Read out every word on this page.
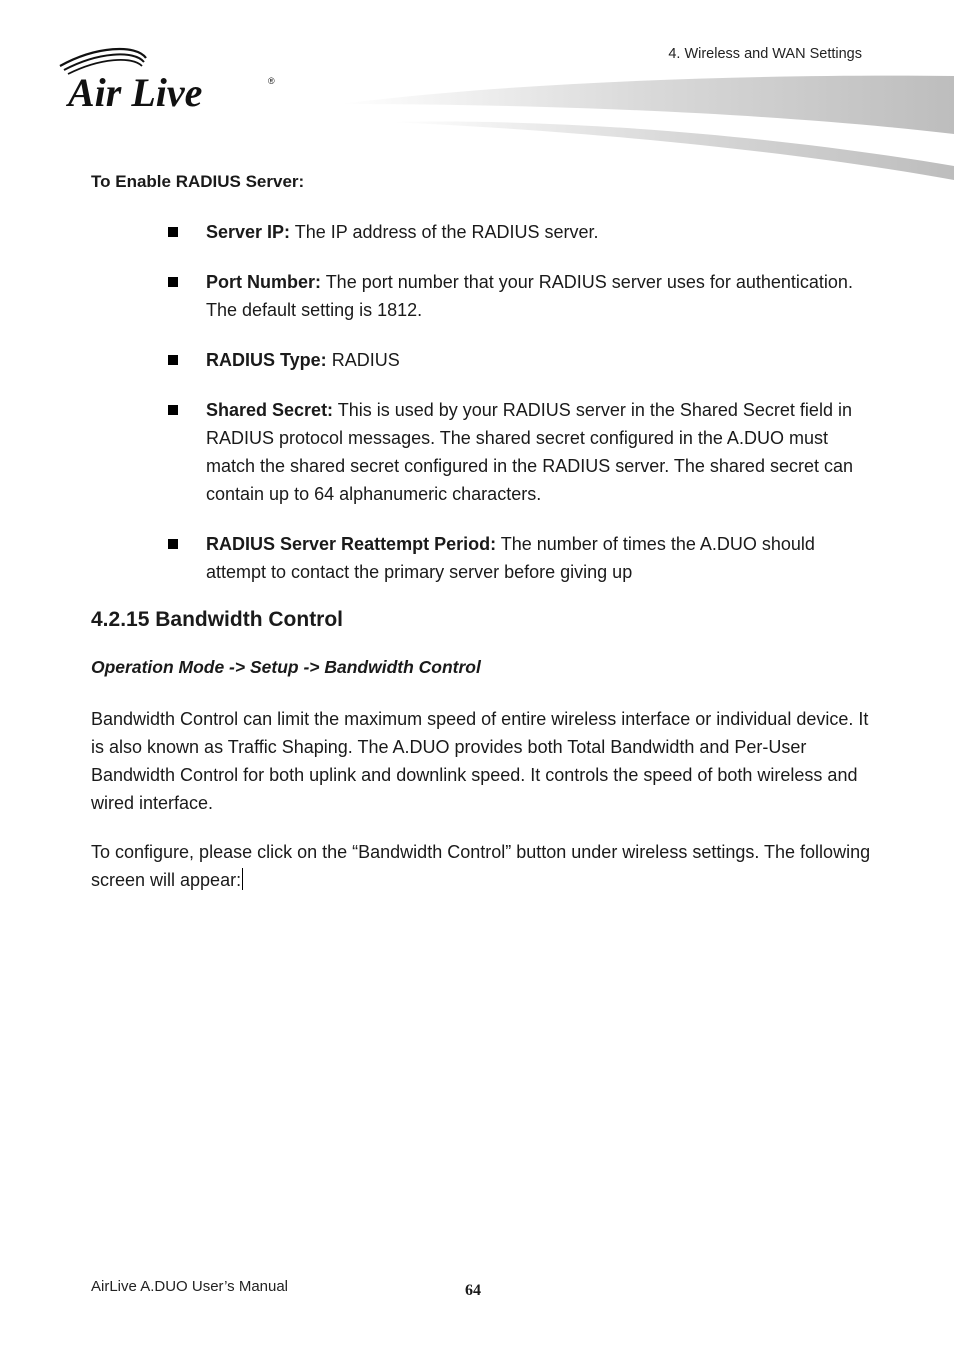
Air Live	®
4. Wireless and WAN Settings
To Enable RADIUS Server:
Server IP: The IP address of the RADIUS server.
Port Number: The port number that your RADIUS server uses for authentication. The default setting is 1812.
RADIUS Type: RADIUS
Shared Secret: This is used by your RADIUS server in the Shared Secret field in RADIUS protocol messages. The shared secret configured in the A.DUO must match the shared secret configured in the RADIUS server. The shared secret can contain up to 64 alphanumeric characters.
RADIUS Server Reattempt Period: The number of times the A.DUO should attempt to contact the primary server before giving up
4.2.15 Bandwidth Control
Operation Mode -> Setup -> Bandwidth Control

Bandwidth Control can limit the maximum speed of entire wireless interface or individual device. It is also known as Traffic Shaping. The A.DUO provides both Total Bandwidth and Per-User Bandwidth Control for both uplink and downlink speed. It controls the speed of both wireless and wired interface.

To configure, please click on the “Bandwidth Control” button under wireless settings. The following screen will appear:

AirLive A.DUO User’s Manual	64
